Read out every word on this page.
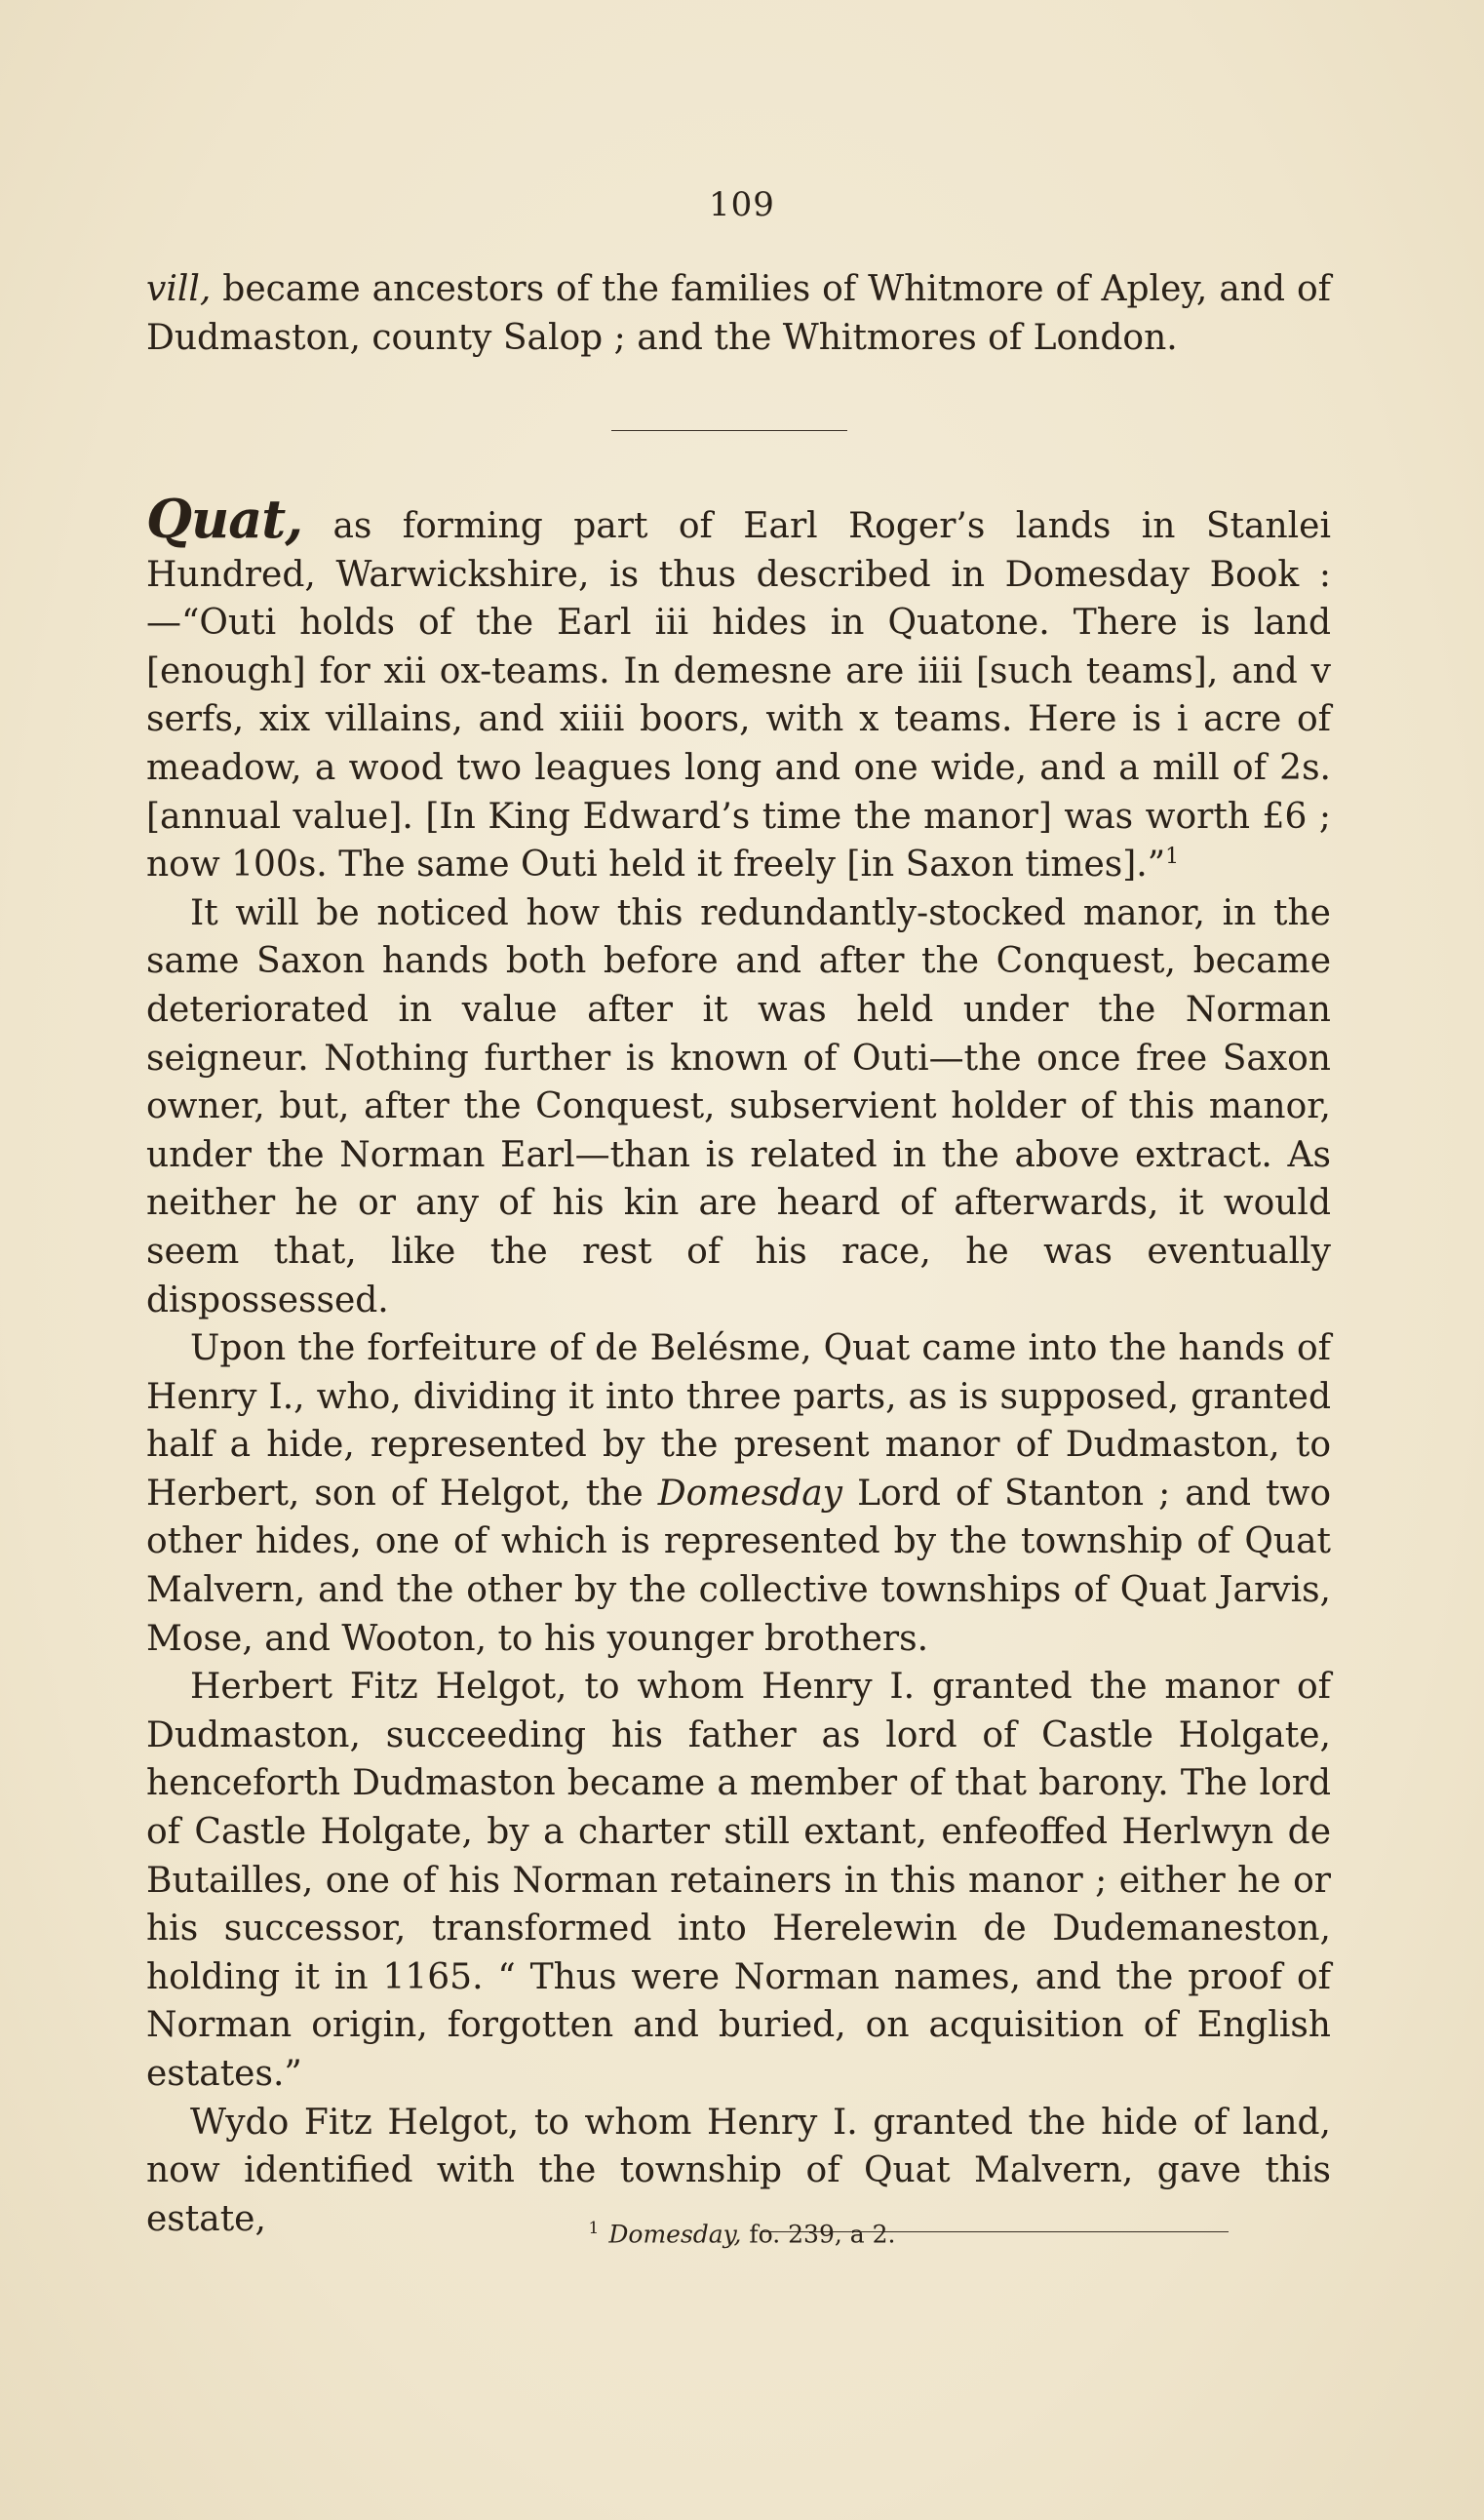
109

vill, became ancestors of the families of Whitmore of Apley, and of Dudmaston, county Salop ; and the Whitmores of London.

Quat, as forming part of Earl Roger’s lands in Stanlei Hundred, Warwickshire, is thus described in Domesday Book :—“Outi holds of the Earl iii hides in Quatone. There is land [enough] for xii ox-teams. In demesne are iiii [such teams], and v serfs, xix villains, and xiiii boors, with x teams. Here is i acre of meadow, a wood two leagues long and one wide, and a mill of 2s. [annual value]. [In King Edward’s time the manor] was worth £6 ; now 100s. The same Outi held it freely [in Saxon times].”$^1$

It will be noticed how this redundantly-stocked manor, in the same Saxon hands both before and after the Conquest, became deteriorated in value after it was held under the Norman seigneur. Nothing further is known of Outi—the once free Saxon owner, but, after the Conquest, subservient holder of this manor, under the Norman Earl—than is related in the above extract. As neither he or any of his kin are heard of afterwards, it would seem that, like the rest of his race, he was eventually dispossessed.

Upon the forfeiture of de Belésme, Quat came into the hands of Henry I., who, dividing it into three parts, as is supposed, granted half a hide, represented by the present manor of Dudmaston, to Herbert, son of Helgot, the Domesday Lord of Stanton ; and two other hides, one of which is represented by the township of Quat Malvern, and the other by the collective townships of Quat Jarvis, Mose, and Wooton, to his younger brothers.

Herbert Fitz Helgot, to whom Henry I. granted the manor of Dudmaston, succeeding his father as lord of Castle Holgate, henceforth Dudmaston became a member of that barony. The lord of Castle Holgate, by a charter still extant, enfeoffed Herlwyn de Butailles, one of his Norman retainers in this manor ; either he or his successor, transformed into Herelewin de Dudemaneston, holding it in 1165. “ Thus were Norman names, and the proof of Norman origin, forgotten and buried, on acquisition of English estates.”

Wydo Fitz Helgot, to whom Henry I. granted the hide of land, now identified with the township of Quat Malvern, gave this estate,	$^1$ Domesday, fo. 239, a 2.
